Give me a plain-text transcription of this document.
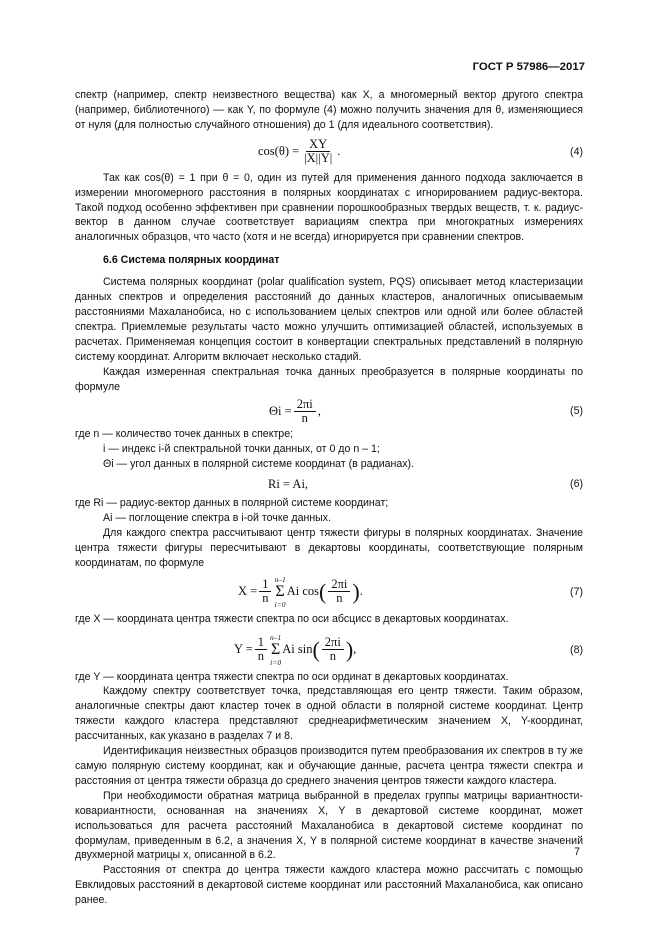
ГОСТ Р 57986—2017

спектр (например, спектр неизвестного вещества) как X, а многомерный вектор другого спектра (например, библиотечного) — как Y, по формуле (4) можно получить значения для θ, изменяющиеся от нуля (для полностью случайного отношения) до 1 (для идеального соответствия).

$\cos(\theta) = \frac{XY}{|X||Y|}$ .	(4)

Так как cos(θ) = 1 при θ = 0, один из путей для применения данного подхода заключается в измерении многомерного расстояния в полярных координатах с игнорированием радиус-вектора. Такой подход особенно эффективен при сравнении порошкообразных твердых веществ, т. к. радиус-вектор в данном случае соответствует вариациям спектра при многократных измерениях аналогичных образцов, что часто (хотя и не всегда) игнорируется при сравнении спектров.

6.6 Система полярных координат

Система полярных координат (polar qualification system, PQS) описывает метод кластеризации данных спектров и определения расстояний до данных кластеров, аналогичных описываемым расстояниями Махаланобиса, но с использованием целых спектров или одной или более областей спектра. Приемлемые результаты часто можно улучшить оптимизацией областей, используемых в расчетах. Применяемая концепция состоит в конвертации спектральных представлений в полярную систему координат. Алгоритм включает несколько стадий.

Каждая измеренная спектральная точка данных преобразуется в полярные координаты по формуле

$\Theta i = \frac{2\pi i}{n}$ ,	(5)

где n — количество точек данных в спектре;

i — индекс i-й спектральной точки данных, от 0 до n – 1;

Θi — угол данных в полярной системе координат (в радианах).

Ri = Ai,	(6)

где Ri — радиус-вектор данных в полярной системе координат;

Ai — поглощение спектра в i-ой точке данных.

Для каждого спектра рассчитывают центр тяжести фигуры в полярных координатах. Значение центра тяжести фигуры пересчитывают в декартовы координаты, соответствующие полярным координатам, по формуле

$X = \frac{1}{n} n-1$
Σ
i=0
Ai cos ( $\frac{2\pi i}{n}$ ) .	(7)

где X — координата центра тяжести спектра по оси абсцисс в декартовых координатах.

$Y = \frac{1}{n} n-1$
Σ
i=0
Ai sin ( $\frac{2\pi i}{n}$ ) ,	(8)

где Y — координата центра тяжести спектра по оси ординат в декартовых координатах.

Каждому спектру соответствует точка, представляющая его центр тяжести. Таким образом, аналогичные спектры дают кластер точек в одной области в полярной системе координат. Центр тяжести каждого кластера представляют среднеарифметическим значением X, Y-координат, рассчитанных, как указано в разделах 7 и 8.

Идентификация неизвестных образцов производится путем преобразования их спектров в ту же самую полярную систему координат, как и обучающие данные, расчета центра тяжести спектра и расстояния от центра тяжести образца до среднего значения центров тяжести каждого кластера.

При необходимости обратная матрица выбранной в пределах группы матрицы вариантности-ковариантности, основанная на значениях X, Y в декартовой системе координат, может использоваться для расчета расстояний Махаланобиса в декартовой системе координат по формулам, приведенным в 6.2, а значения X, Y в полярной системе координат в качестве значений двухмерной матрицы x, описанной в 6.2.

Расстояния от спектра до центра тяжести каждого кластера можно рассчитать с помощью Евклидовых расстояний в декартовой системе координат или расстояний Махаланобиса, как описано ранее.

7
